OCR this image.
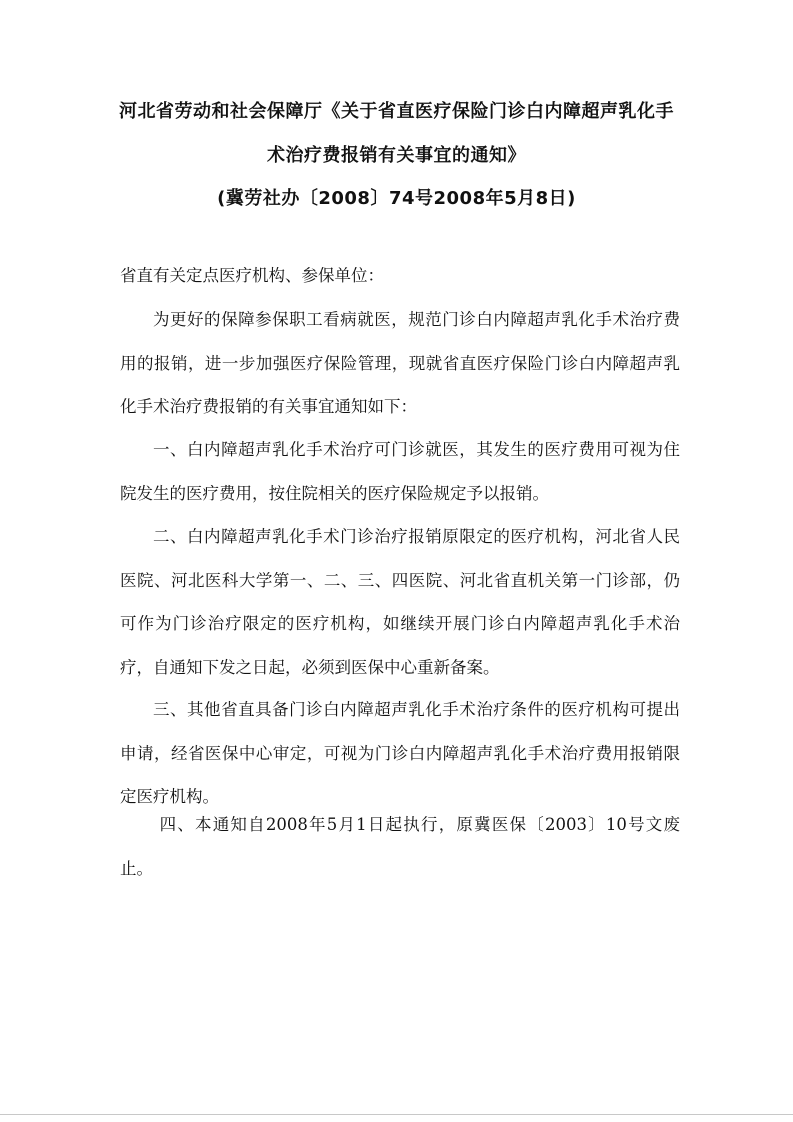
河北省劳动和社会保障厅《关于省直医疗保险门诊白内障超声乳化手
术治疗费报销有关事宜的通知》
(冀劳社办〔2008〕74号2008年5月8日)
省直有关定点医疗机构、参保单位：

为更好的保障参保职工看病就医，规范门诊白内障超声乳化手术治疗费用的报销，进一步加强医疗保险管理，现就省直医疗保险门诊白内障超声乳化手术治疗费报销的有关事宜通知如下：

一、白内障超声乳化手术治疗可门诊就医，其发生的医疗费用可视为住院发生的医疗费用，按住院相关的医疗保险规定予以报销。

二、白内障超声乳化手术门诊治疗报销原限定的医疗机构，河北省人民医院、河北医科大学第一、二、三、四医院、河北省直机关第一门诊部，仍可作为门诊治疗限定的医疗机构，如继续开展门诊白内障超声乳化手术治疗，自通知下发之日起，必须到医保中心重新备案。

三、其他省直具备门诊白内障超声乳化手术治疗条件的医疗机构可提出申请，经省医保中心审定，可视为门诊白内障超声乳化手术治疗费用报销限定医疗机构。

四、本通知自2008年5月1日起执行，原冀医保〔2003〕10号文废止。
